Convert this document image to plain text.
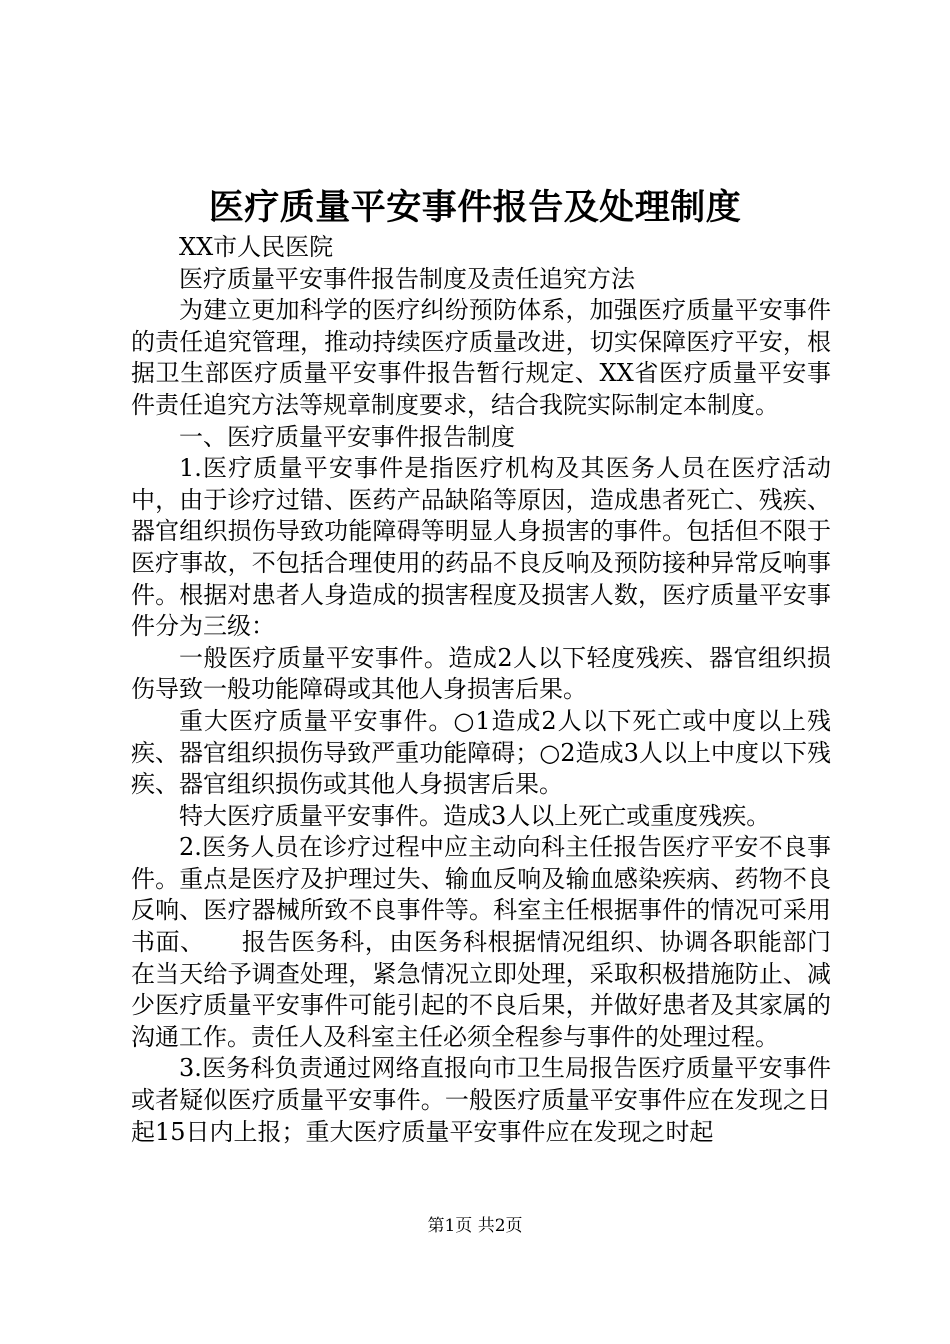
医疗质量平安事件报告及处理制度

XX市人民医院

医疗质量平安事件报告制度及责任追究方法

为建立更加科学的医疗纠纷预防体系，加强医疗质量平安事件的责任追究管理，推动持续医疗质量改进，切实保障医疗平安，根据卫生部医疗质量平安事件报告暂行规定、XX省医疗质量平安事件责任追究方法等规章制度要求，结合我院实际制定本制度。

一、医疗质量平安事件报告制度

1.医疗质量平安事件是指医疗机构及其医务人员在医疗活动中，由于诊疗过错、医药产品缺陷等原因，造成患者死亡、残疾、器官组织损伤导致功能障碍等明显人身损害的事件。包括但不限于医疗事故，不包括合理使用的药品不良反响及预防接种异常反响事件。根据对患者人身造成的损害程度及损害人数，医疗质量平安事件分为三级：

一般医疗质量平安事件。造成2人以下轻度残疾、器官组织损伤导致一般功能障碍或其他人身损害后果。

重大医疗质量平安事件。○1造成2人以下死亡或中度以上残疾、器官组织损伤导致严重功能障碍；○2造成3人以上中度以下残疾、器官组织损伤或其他人身损害后果。

特大医疗质量平安事件。造成3人以上死亡或重度残疾。

2.医务人员在诊疗过程中应主动向科主任报告医疗平安不良事件。重点是医疗及护理过失、输血反响及输血感染疾病、药物不良反响、医疗器械所致不良事件等。科室主任根据事件的情况可采用书面、　　报告医务科，由医务科根据情况组织、协调各职能部门在当天给予调查处理，紧急情况立即处理，采取积极措施防止、减少医疗质量平安事件可能引起的不良后果，并做好患者及其家属的沟通工作。责任人及科室主任必须全程参与事件的处理过程。

3.医务科负责通过网络直报向市卫生局报告医疗质量平安事件或者疑似医疗质量平安事件。一般医疗质量平安事件应在发现之日起15日内上报；重大医疗质量平安事件应在发现之时起

第1页 共2页
